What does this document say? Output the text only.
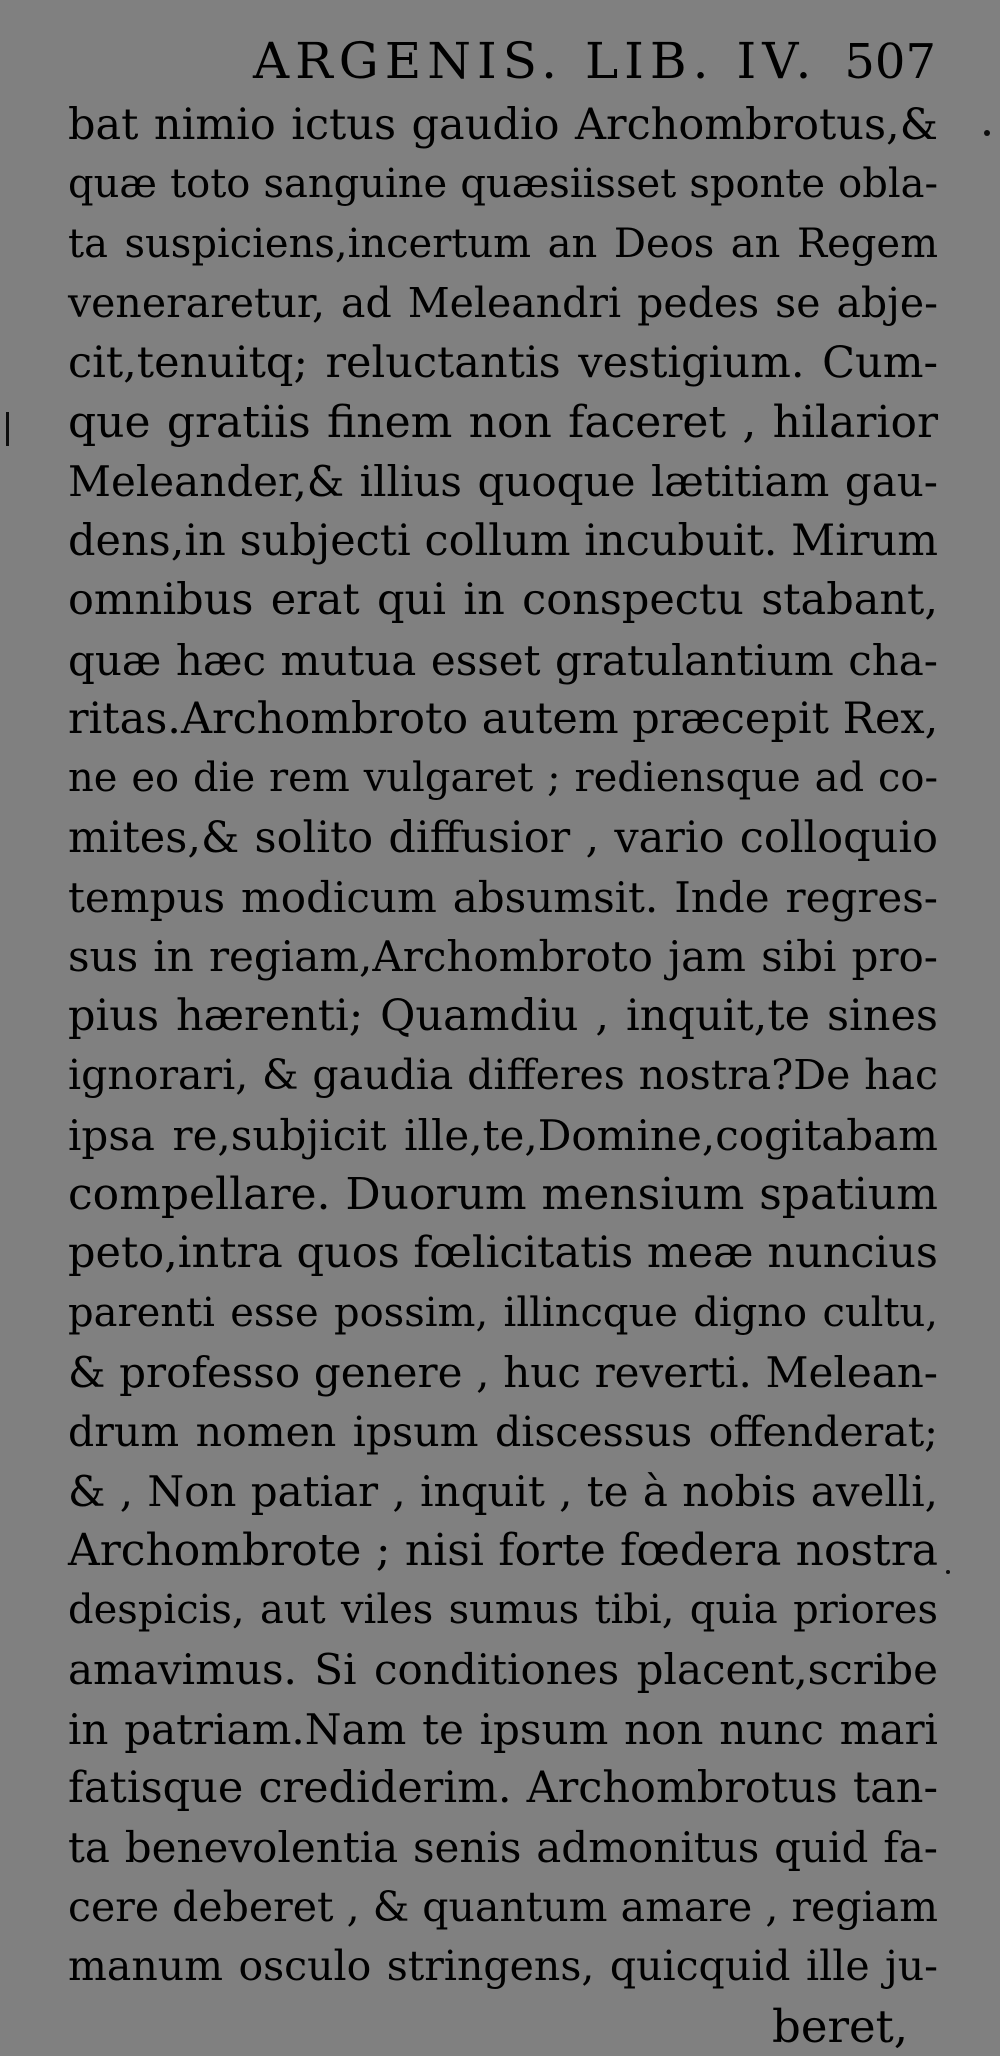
ARGENIS. LIB. IV. 507
bat nimio ictus gaudio Archombrotus,&
quæ toto sanguine quæsiisset sponte obla-
ta suspiciens,incertum an Deos an Regem
veneraretur, ad Meleandri pedes se abje-
cit,tenuitq; reluctantis vestigium. Cum-
que gratiis finem non faceret , hilarior
Meleander,& illius quoque lætitiam gau-
dens,in subjecti collum incubuit. Mirum
omnibus erat qui in conspectu stabant,
quæ hæc mutua esset gratulantium cha-
ritas.Archombroto autem præcepit Rex,
ne eo die rem vulgaret ; rediensque ad co-
mites,& solito diffusior , vario colloquio
tempus modicum absumsit. Inde regres-
sus in regiam,Archombroto jam sibi pro-
pius hærenti; Quamdiu , inquit,te sines
ignorari, & gaudia differes nostra?De hac
ipsa re,subjicit ille,te,Domine,cogitabam
compellare. Duorum mensium spatium
peto,intra quos fœlicitatis meæ nuncius
parenti esse possim, illincque digno cultu,
& professo genere , huc reverti. Melean-
drum nomen ipsum discessus offenderat;
& , Non patiar , inquit , te à nobis avelli,
Archombrote ; nisi forte fœdera nostra
despicis, aut viles sumus tibi, quia priores
amavimus. Si conditiones placent,scribe
in patriam.Nam te ipsum non nunc mari
fatisque crediderim. Archombrotus tan-
ta benevolentia senis admonitus quid fa-
cere deberet , & quantum amare , regiam
manum osculo stringens, quicquid ille ju-
beret,
